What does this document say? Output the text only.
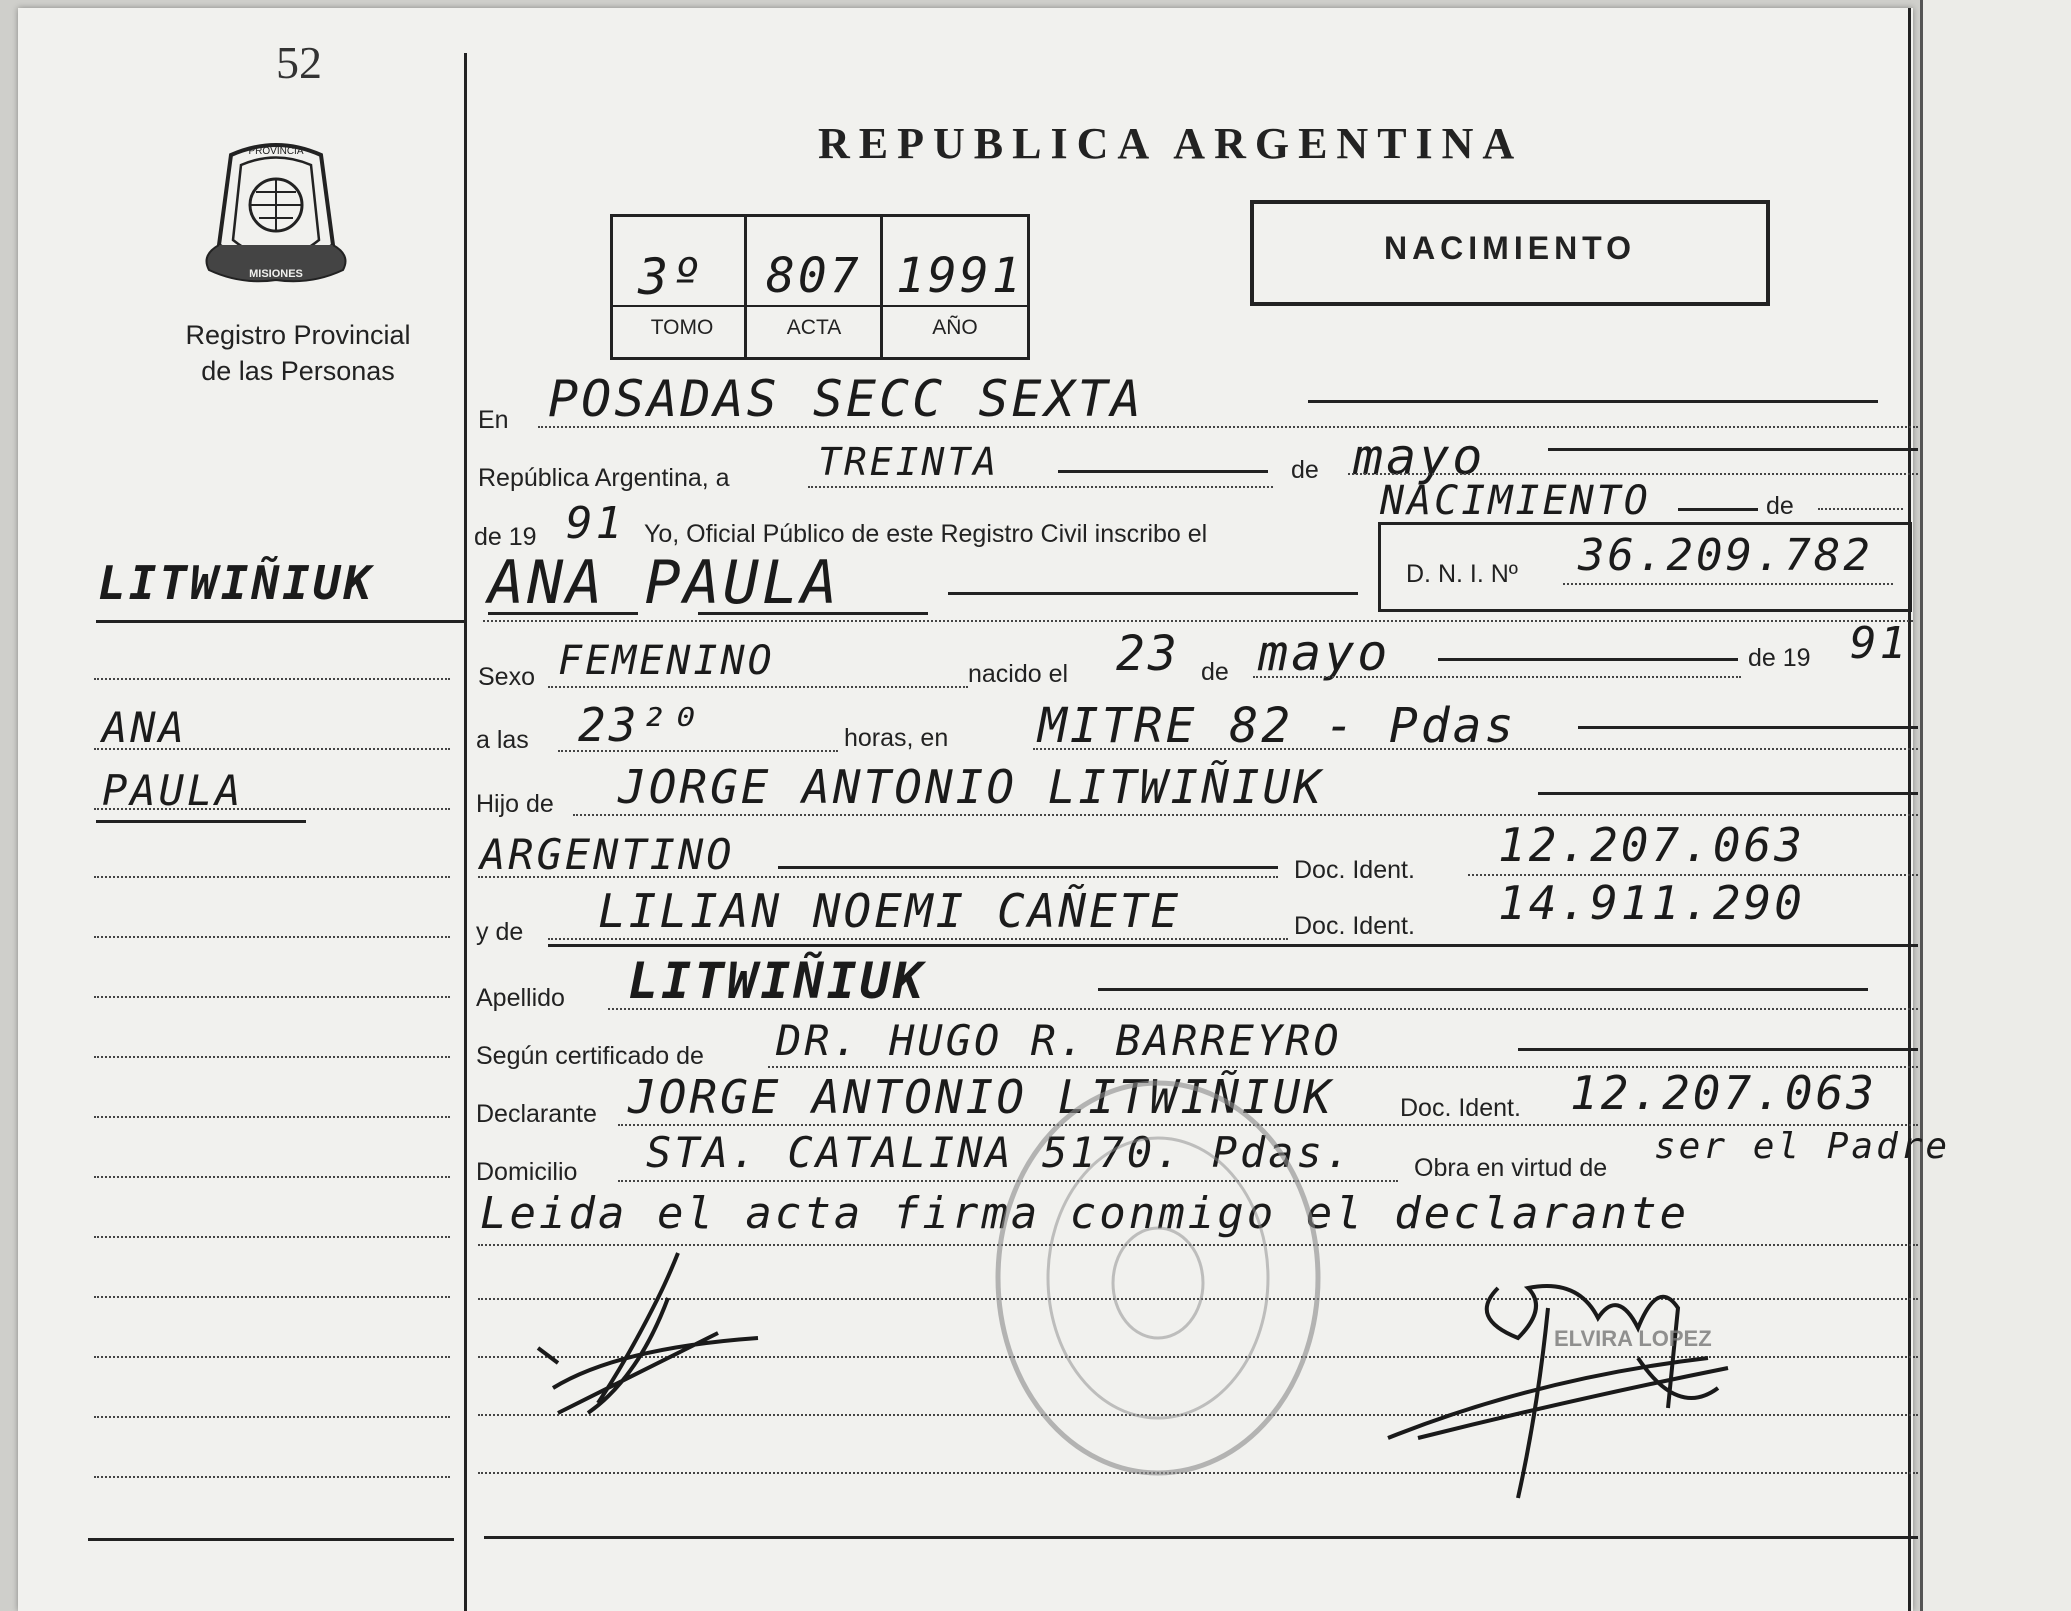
52
PROVINCIA
MISIONES
Registro Provincial
de las Personas
LITWIÑIUK
ANA
PAULA
REPUBLICA ARGENTINA
3º 807 1991
TOMO	ACTA	AÑO
NACIMIENTO
En POSADAS SECC SEXTA
República Argentina, a TREINTA	de mayo
de 19 91 Yo, Oficial Público de este Registro Civil inscribo el
NACIMIENTO	de
ANA PAULA	D. N. I. Nº 36.209.782
Sexo FEMENINO	nacido el 23 de mayo	de 19 91
a las 23²⁰	horas, en MITRE 82 - Pdas
Hijo de JORGE ANTONIO LITWIÑIUK
ARGENTINO	Doc. Ident. 12.207.063
y de LILIAN NOEMI CAÑETE	Doc. Ident. 14.911.290
Apellido LITWIÑIUK
Según certificado de DR. HUGO R. BARREYRO
Declarante JORGE ANTONIO LITWIÑIUK	Doc. Ident. 12.207.063
Domicilio STA. CATALINA 5170. Pdas. Obra en virtud de
ser el Padre
Leida el acta firma conmigo el declarante
ELVIRA LOPEZ
